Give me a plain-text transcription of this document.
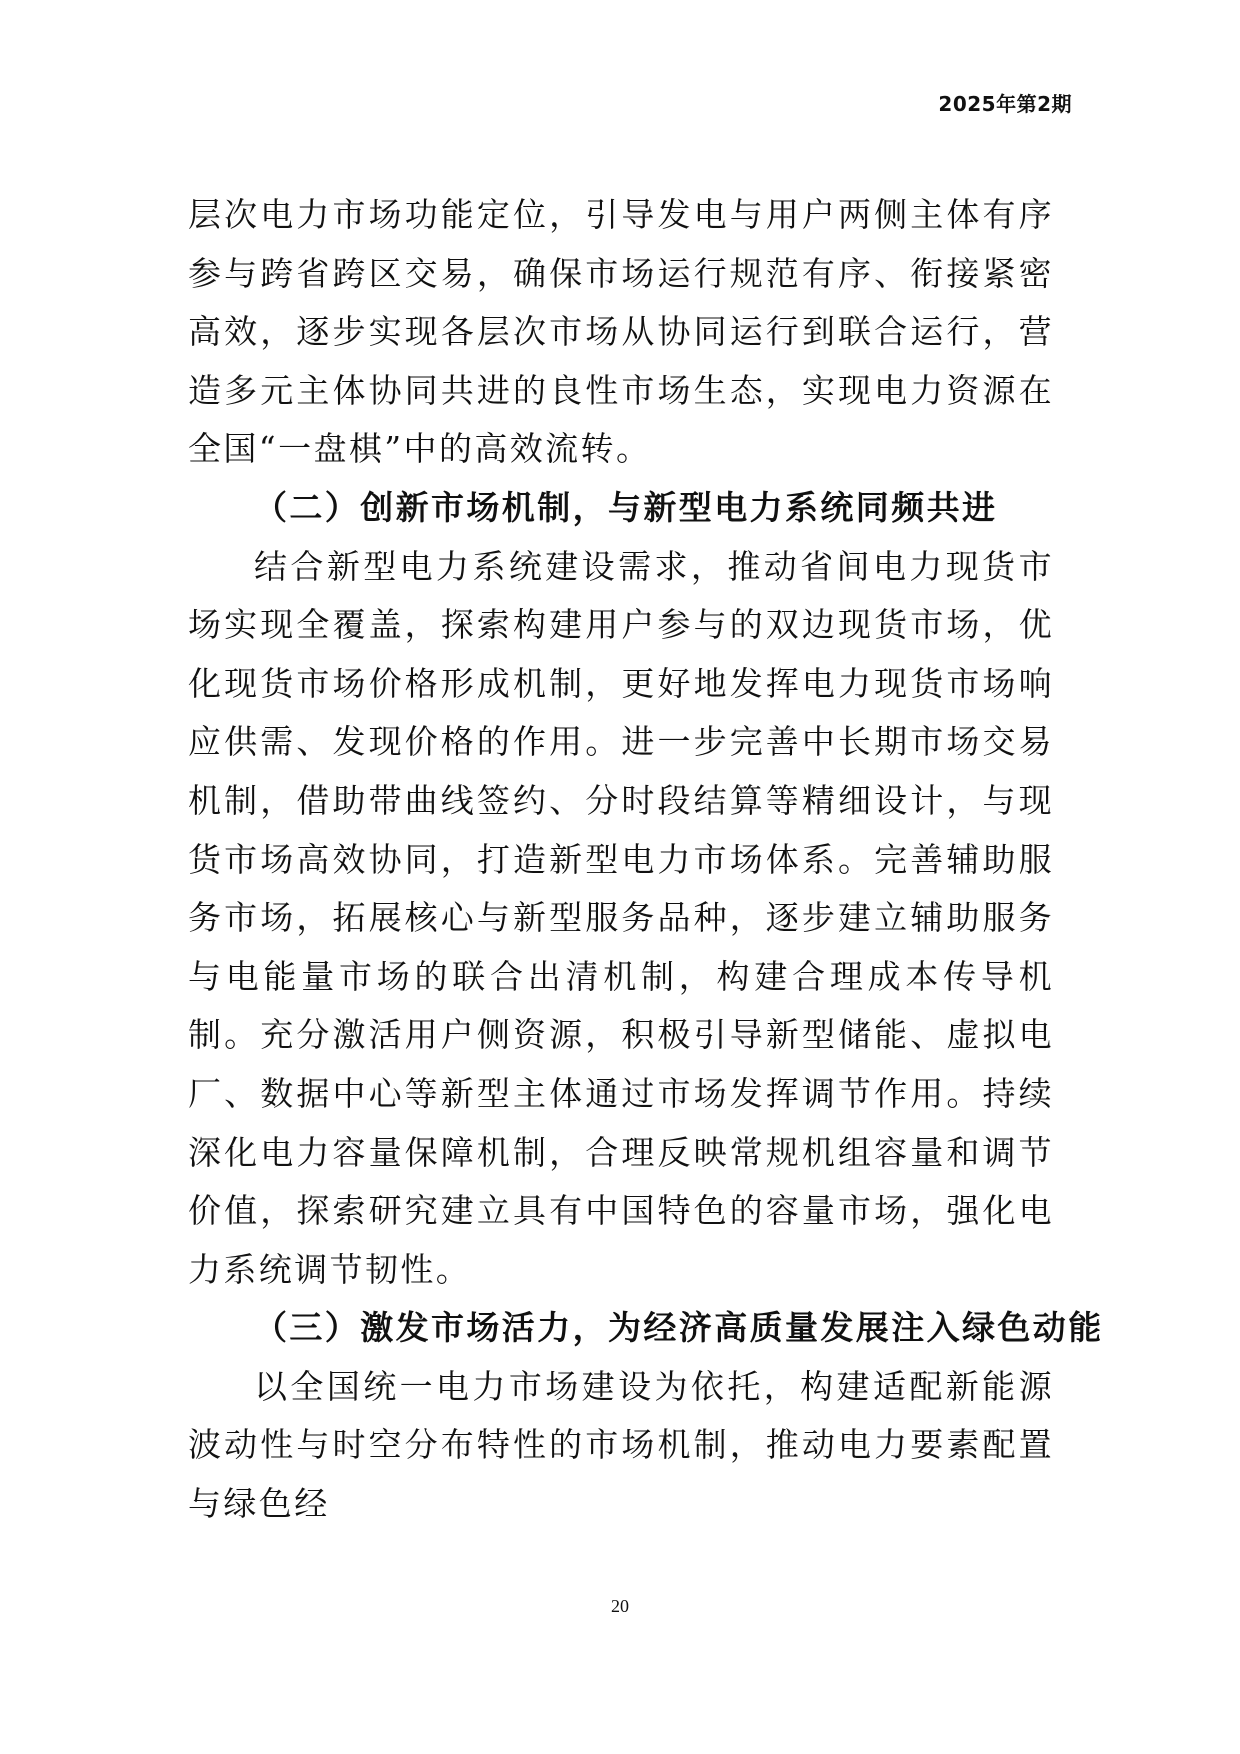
2025年第2期

层次电力市场功能定位，引导发电与用户两侧主体有序参与跨省跨区交易，确保市场运行规范有序、衔接紧密高效，逐步实现各层次市场从协同运行到联合运行，营造多元主体协同共进的良性市场生态，实现电力资源在全国“一盘棋”中的高效流转。

（二）创新市场机制，与新型电力系统同频共进

结合新型电力系统建设需求，推动省间电力现货市场实现全覆盖，探索构建用户参与的双边现货市场，优化现货市场价格形成机制，更好地发挥电力现货市场响应供需、发现价格的作用。进一步完善中长期市场交易机制，借助带曲线签约、分时段结算等精细设计，与现货市场高效协同，打造新型电力市场体系。完善辅助服务市场，拓展核心与新型服务品种，逐步建立辅助服务与电能量市场的联合出清机制，构建合理成本传导机制。充分激活用户侧资源，积极引导新型储能、虚拟电厂、数据中心等新型主体通过市场发挥调节作用。持续深化电力容量保障机制，合理反映常规机组容量和调节价值，探索研究建立具有中国特色的容量市场，强化电力系统调节韧性。

（三）激发市场活力，为经济高质量发展注入绿色动能

以全国统一电力市场建设为依托，构建适配新能源波动性与时空分布特性的市场机制，推动电力要素配置与绿色经

20
